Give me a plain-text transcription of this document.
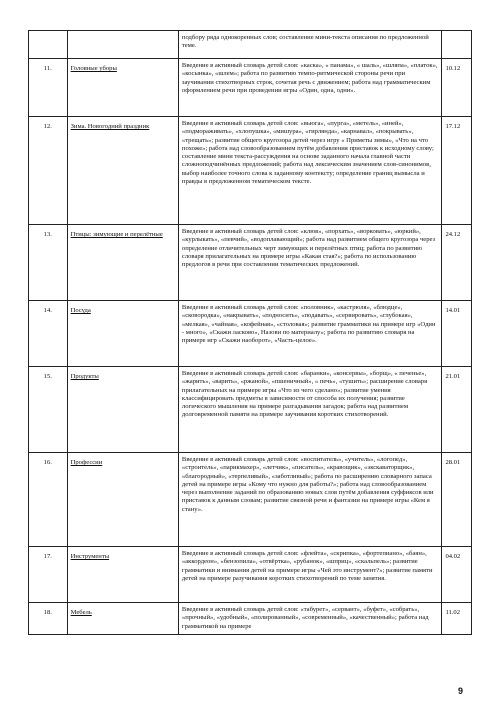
		подбору ряда однокоренных слов; составление мини-текста описания по предложенной теме.	
11.	Головные уборы	Введение в активный словарь детей слов: «каска», « панама», « шаль», «шляпа», «платок», «косынка», «шлем»; работа по развитию темпо-ритмической стороны речи при заучивании стихотворных строк, сочетая речь с движением; работа над грамматическим оформлением речи при проведении игры «Один, одна, одни».	10.12
12.	Зима. Новогодний праздник	Введение в активный словарь детей слов: «вьюга», «пурга», «метель», «иней», «подмораживать», «хлопушка», «мишура», «гирлянда», «карнавал», «покрывать», «трещать»; развитие общего кругозора детей через игру « Приметы зимы», «Что на что похоже»; работа над словообразованием путём добавления приставок к исходному слову; составление мини текста-рассуждения на основе заданного начала главной части сложноподчинённых предложений; работа над лексическим значением слов-синонимов, выбор наиболее точного слова к заданному контексту; определение границ вымысла и правды в предложенном тематическом тексте.	17.12
13.	Птицы: зимующие и перелётные	Введение в активный словарь детей слов: «клюв», «порхать», «ворковать», «юркий», «курлыкать», «певчий», «водоплавающий»; работа над развитием общего кругозора через определение отличительных черт зимующих и перелётных птиц; работа по развитию словаря прилагательных на примере игры «Какая стая?»; работа по использованию предлогов в речи при составлении тематических предложений.	24.12
14.	Посуда	Введение в активный словарь детей слов: «половник», «кастрюля», «блюдце», «сковородка», «накрывать», «подносить», «подавать», «сервировать», «глубокая», «мелкая», «чайная», «кофейная», «столовая»; развитие грамматики на примере игр «Один - много», «Скажи ласково», Назови по материалу»; работа по развитию словаря на примере игр «Скажи наоборот», «Часть-целое».	14.01
15.	Продукты	Введение в активный словарь детей слов: «баранки», «консервы», «борщ», « печенье», «жарить», «варить», «ржаной», «пшеничный», « печь», «тушить»; расширение словаря прилагательных на примере игры «Что из чего сделано»; развитие умения классифицировать предметы в зависимости от способа их получения; развитие логического мышления на примере разгадывания загадок; работа над развитием долговременной памяти на примере заучивания коротких стихотворений.	21.01
16.	Профессии	Введение в активный словарь детей слов: «воспитатель», «учитель», «логопед», «строитель», «парикмахер», «летчик», «писатель», «кравощик», «экскаваторщик», «благородный», «терпеливый», «заботливый»; работа по расширению словарного запаса детей на примере игры «Кому что нужно для работы?»; работа над словообразованием через выполнение заданий по образованию новых слов путём добавления суффиксов или приставок к данным словам; развитие связной речи и фантазии на примере игры «Кем я стану».	28.01
17.	Инструменты	Введение в активный словарь детей слов: «флейта», «скрипка», «фортепиано», «баян», «аккордеон», «бензопила», «отвёртка», «рубанок», «шприц», «скальпель»; развитие грамматики и внимания детей на примере игры «Чей это инструмент?»; развитие памяти детей на примере разучивания коротких стихотворений по теме занятия.	04.02
18.	Мебель	Введение в активный словарь детей слов: «табурет», «сервант», «буфет», «собрать», «прочный», «удобный», «полированный», «современный», «качественный»; работа над грамматикой на примере	11.02
9
